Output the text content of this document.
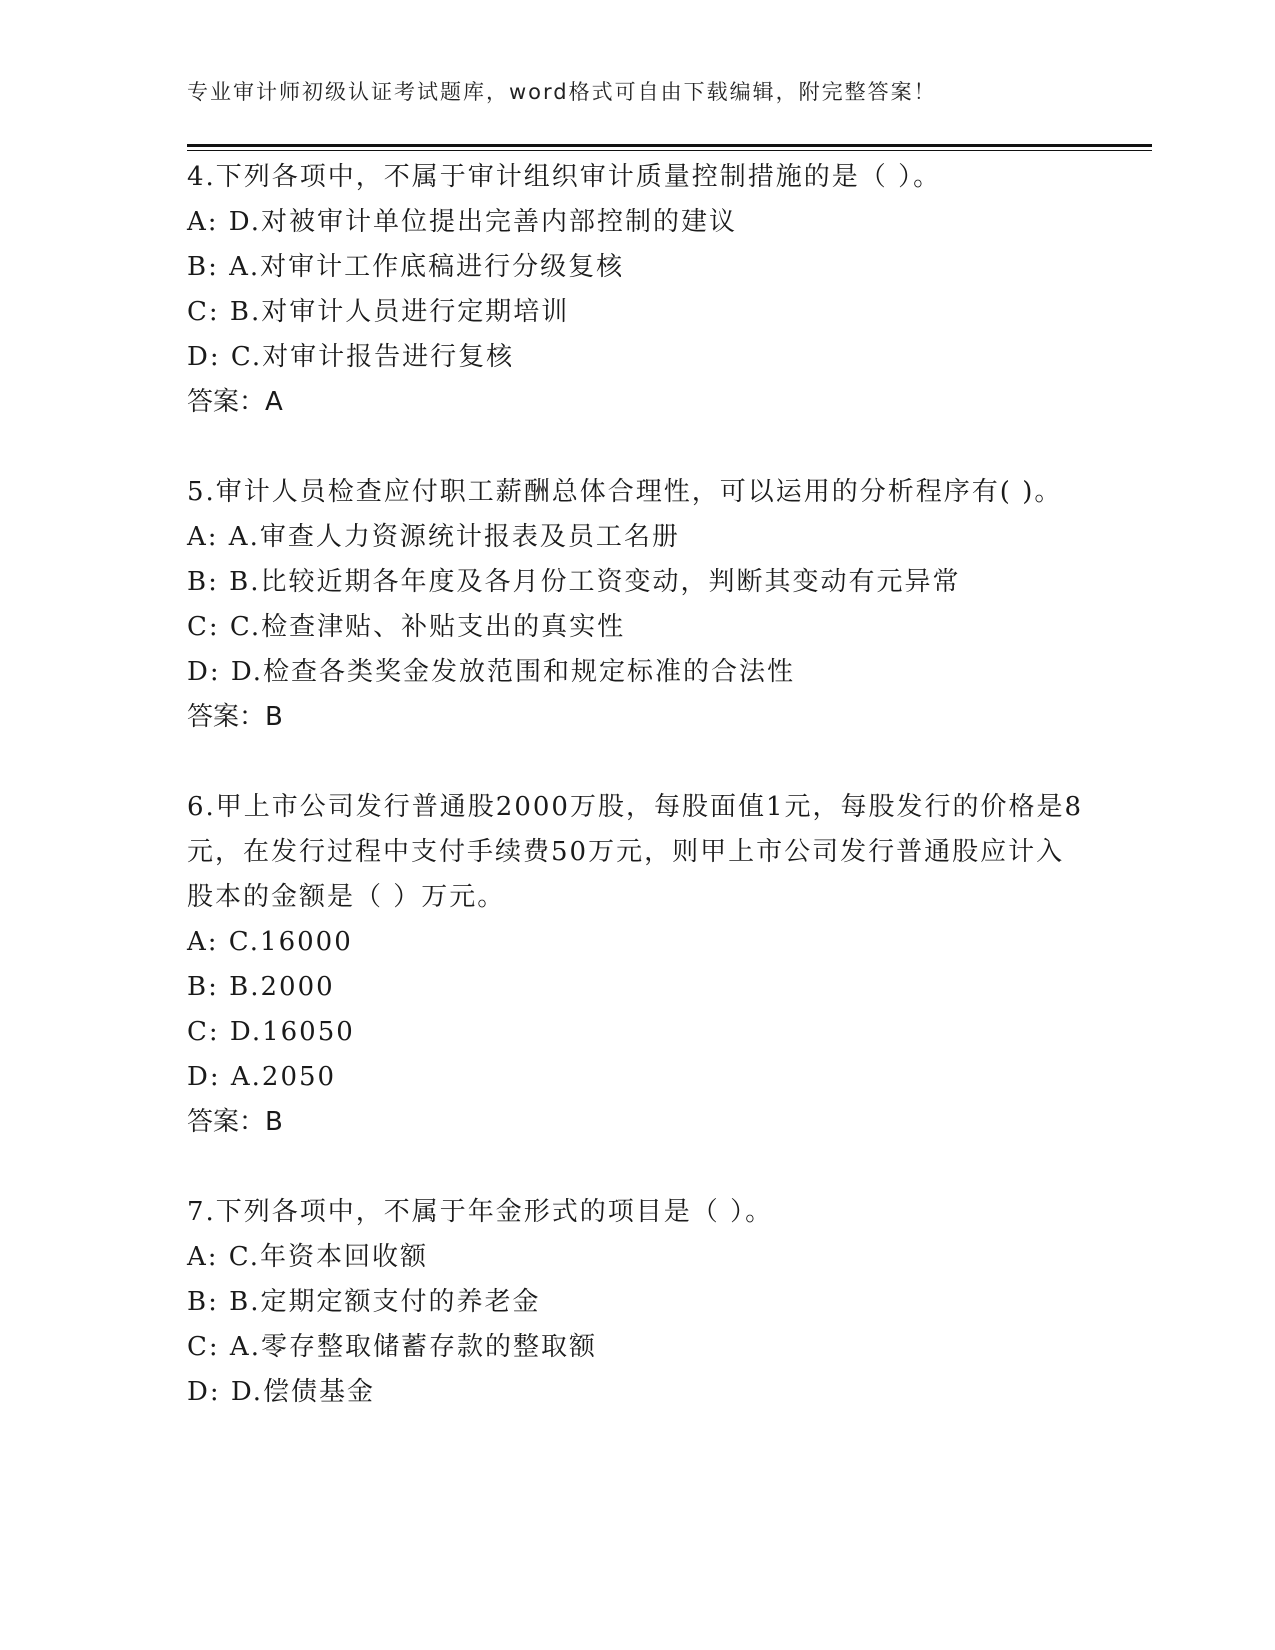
专业审计师初级认证考试题库，word格式可自由下载编辑，附完整答案！

4.下列各项中，不属于审计组织审计质量控制措施的是（ ）。

A: D.对被审计单位提出完善内部控制的建议

B: A.对审计工作底稿进行分级复核

C: B.对审计人员进行定期培训

D: C.对审计报告进行复核

答案：A

5.审计人员检查应付职工薪酬总体合理性，可以运用的分析程序有( )。

A: A.审查人力资源统计报表及员工名册

B: B.比较近期各年度及各月份工资变动，判断其变动有元异常

C: C.检查津贴、补贴支出的真实性

D: D.检查各类奖金发放范围和规定标准的合法性

答案：B

6.甲上市公司发行普通股2000万股，每股面值1元，每股发行的价格是8元，在发行过程中支付手续费50万元，则甲上市公司发行普通股应计入股本的金额是（ ）万元。

A: C.16000

B: B.2000

C: D.16050

D: A.2050

答案：B

7.下列各项中，不属于年金形式的项目是（ ）。

A: C.年资本回收额

B: B.定期定额支付的养老金

C: A.零存整取储蓄存款的整取额

D: D.偿债基金
